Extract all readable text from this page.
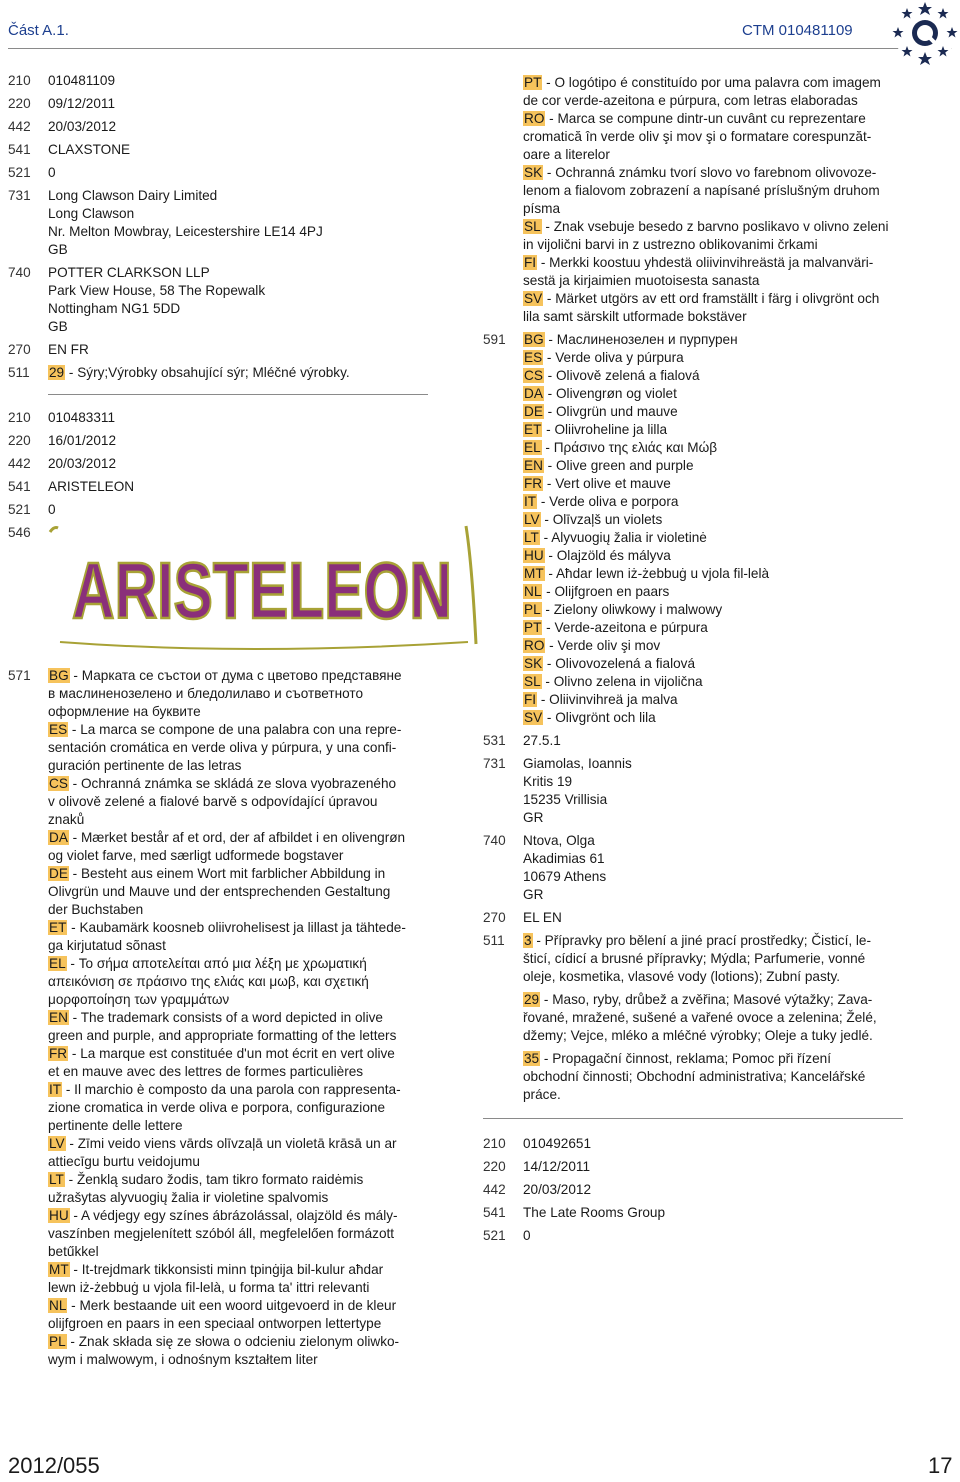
Část A.1.	CTM 010481109
210	010481109
220	09/12/2011
442	20/03/2012
541	CLAXSTONE
521	0
731	Long Clawson Dairy Limited
Long Clawson
Nr. Melton Mowbray, Leicestershire LE14 4PJ
GB
740	POTTER CLARKSON LLP
Park View House, 58 The Ropewalk
Nottingham NG1 5DD
GB
270	EN FR
511	29 - Sýry;Výrobky obsahující sýr; Mléčné výrobky.
210	010483311
220	16/01/2012
442	20/03/2012
541	ARISTELEON
521	0
546
ARISTELEON
571	BG - Марката се състои от дума с цветово представяне
в маслиненозелено и бледолилаво и съответното
оформление на буквите
ES - La marca se compone de una palabra con una repre-
sentación cromática en verde oliva y púrpura, y una confi-
guración pertinente de las letras
CS - Ochranná známka se skládá ze slova vyobrazeného
v olivově zelené a fialové barvě s odpovídající úpravou
znaků
DA - Mærket består af et ord, der af afbildet i en olivengrøn
og violet farve, med særligt udformede bogstaver
DE - Besteht aus einem Wort mit farblicher Abbildung in
Olivgrün und Mauve und der entsprechenden Gestaltung
der Buchstaben
ET - Kaubamärk koosneb oliivrohelisest ja lillast ja tähtede-
ga kirjutatud sõnast
EL - Το σήμα αποτελείται από μια λέξη με χρωματική
απεικόνιση σε πράσινο της ελιάς και μωβ, και σχετική
μορφοποίηση των γραμμάτων
EN - The trademark consists of a word depicted in olive
green and purple, and appropriate formatting of the letters
FR - La marque est constituée d'un mot écrit en vert olive
et en mauve avec des lettres de formes particulières
IT - Il marchio è composto da una parola con rappresenta-
zione cromatica in verde oliva e porpora, configurazione
pertinente delle lettere
LV - Zīmi veido viens vārds olīvzaļā un violetā krāsā un ar
attiecīgu burtu veidojumu
LT - Ženklą sudaro žodis, tam tikro formato raidėmis
užrašytas alyvuogių žalia ir violetine spalvomis
HU - A védjegy egy színes ábrázolással, olajzöld és mály-
vaszínben megjelenített szóból áll, megfelelően formázott
betűkkel
MT - It-trejdmark tikkonsisti minn tpinġija bil-kulur aħdar
lewn iż-żebbuġ u vjola fil-lelà, u forma ta' ittri relevanti
NL - Merk bestaande uit een woord uitgevoerd in de kleur
olijfgroen en paars in een speciaal ontworpen lettertype
PL - Znak składa się ze słowa o odcieniu zielonym oliwko-
wym i malwowym, i odnośnym kształtem liter
PT - O logótipo é constituído por uma palavra com imagem
de cor verde-azeitona e púrpura, com letras elaboradas
RO - Marca se compune dintr-un cuvânt cu reprezentare
cromatică în verde oliv şi mov şi o formatare corespunzăt-
oare a literelor
SK - Ochranná známku tvorí slovo vo farebnom olivovoze-
lenom a fialovom zobrazení a napísané príslušným druhom
písma
SL - Znak vsebuje besedo z barvno poslikavo v olivno zeleni
in vijolični barvi in z ustrezno oblikovanimi črkami
FI - Merkki koostuu yhdestä oliivinvihreästä ja malvanväri-
sestä ja kirjaimien muotoisesta sanasta
SV - Märket utgörs av ett ord framställt i färg i olivgrönt och
lila samt särskilt utformade bokstäver
591	BG - Маслиненозелен и пурпурен
ES - Verde oliva y púrpura
CS - Olivově zelená a fialová
DA - Olivengrøn og violet
DE - Olivgrün und mauve
ET - Oliivroheline ja lilla
EL - Πράσινο της ελιάς και Μώβ
EN - Olive green and purple
FR - Vert olive et mauve
IT - Verde oliva e porpora
LV - Olīvzaļš un violets
LT - Alyvuogių žalia ir violetinė
HU - Olajzöld és mályva
MT - Aħdar lewn iż-żebbuġ u vjola fil-lelà
NL - Olijfgroen en paars
PL - Zielony oliwkowy i malwowy
PT - Verde-azeitona e púrpura
RO - Verde oliv şi mov
SK - Olivovozelená a fialová
SL - Olivno zelena in vijolična
FI - Oliivinvihreä ja malva
SV - Olivgrönt och lila
531	27.5.1
731	Giamolas, Ioannis
Kritis 19
15235 Vrillisia
GR
740	Ntova, Olga
Akadimias 61
10679 Athens
GR
270	EL EN
511	3 - Přípravky pro bělení a jiné prací prostředky; Čisticí, le-
šticí, cídicí a brusné přípravky; Mýdla; Parfumerie, vonné
oleje, kosmetika, vlasové vody (lotions); Zubní pasty.
29 - Maso, ryby, drůbež a zvěřina; Masové výtažky; Zava-
řované, mražené, sušené a vařené ovoce a zelenina; Želé,
džemy; Vejce, mléko a mléčné výrobky; Oleje a tuky jedlé.
35 - Propagační činnost, reklama; Pomoc při řízení
obchodní činnosti; Obchodní administrativa; Kancelářské
práce.
210	010492651
220	14/12/2011
442	20/03/2012
541	The Late Rooms Group
521	0
2012/055	17
